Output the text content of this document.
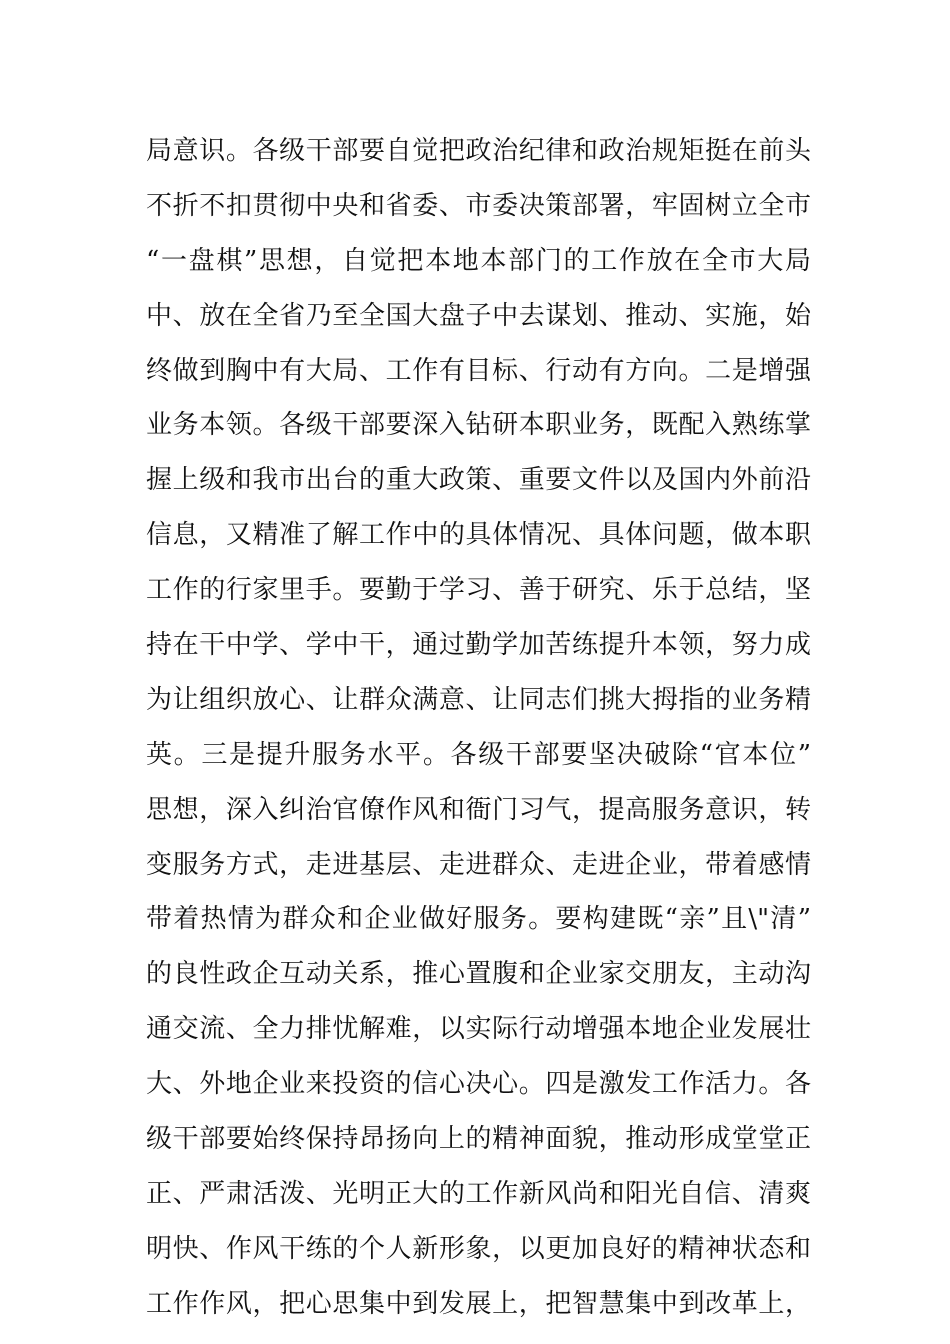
局意识。各级干部要自觉把政治纪律和政治规矩挺在前头
不折不扣贯彻中央和省委、市委决策部署，牢固树立全市
“一盘棋”思想，自觉把本地本部门的工作放在全市大局
中、放在全省乃至全国大盘子中去谋划、推动、实施，始
终做到胸中有大局、工作有目标、行动有方向。二是增强
业务本领。各级干部要深入钻研本职业务，既配入熟练掌
握上级和我市出台的重大政策、重要文件以及国内外前沿
信息，又精准了解工作中的具体情况、具体问题，做本职
工作的行家里手。要勤于学习、善于研究、乐于总结，坚
持在干中学、学中干，通过勤学加苦练提升本领，努力成
为让组织放心、让群众满意、让同志们挑大拇指的业务精
英。三是提升服务水平。各级干部要坚决破除“官本位”
思想，深入纠治官僚作风和衙门习气，提高服务意识，转
变服务方式，走进基层、走进群众、走进企业，带着感情
带着热情为群众和企业做好服务。要构建既“亲”且\"清”
的良性政企互动关系，推心置腹和企业家交朋友，主动沟
通交流、全力排忧解难，以实际行动增强本地企业发展壮
大、外地企业来投资的信心决心。四是激发工作活力。各
级干部要始终保持昂扬向上的精神面貌，推动形成堂堂正
正、严肃活泼、光明正大的工作新风尚和阳光自信、清爽
明快、作风干练的个人新形象，以更加良好的精神状态和
工作作风，把心思集中到发展上，把智慧集中到改革上，
